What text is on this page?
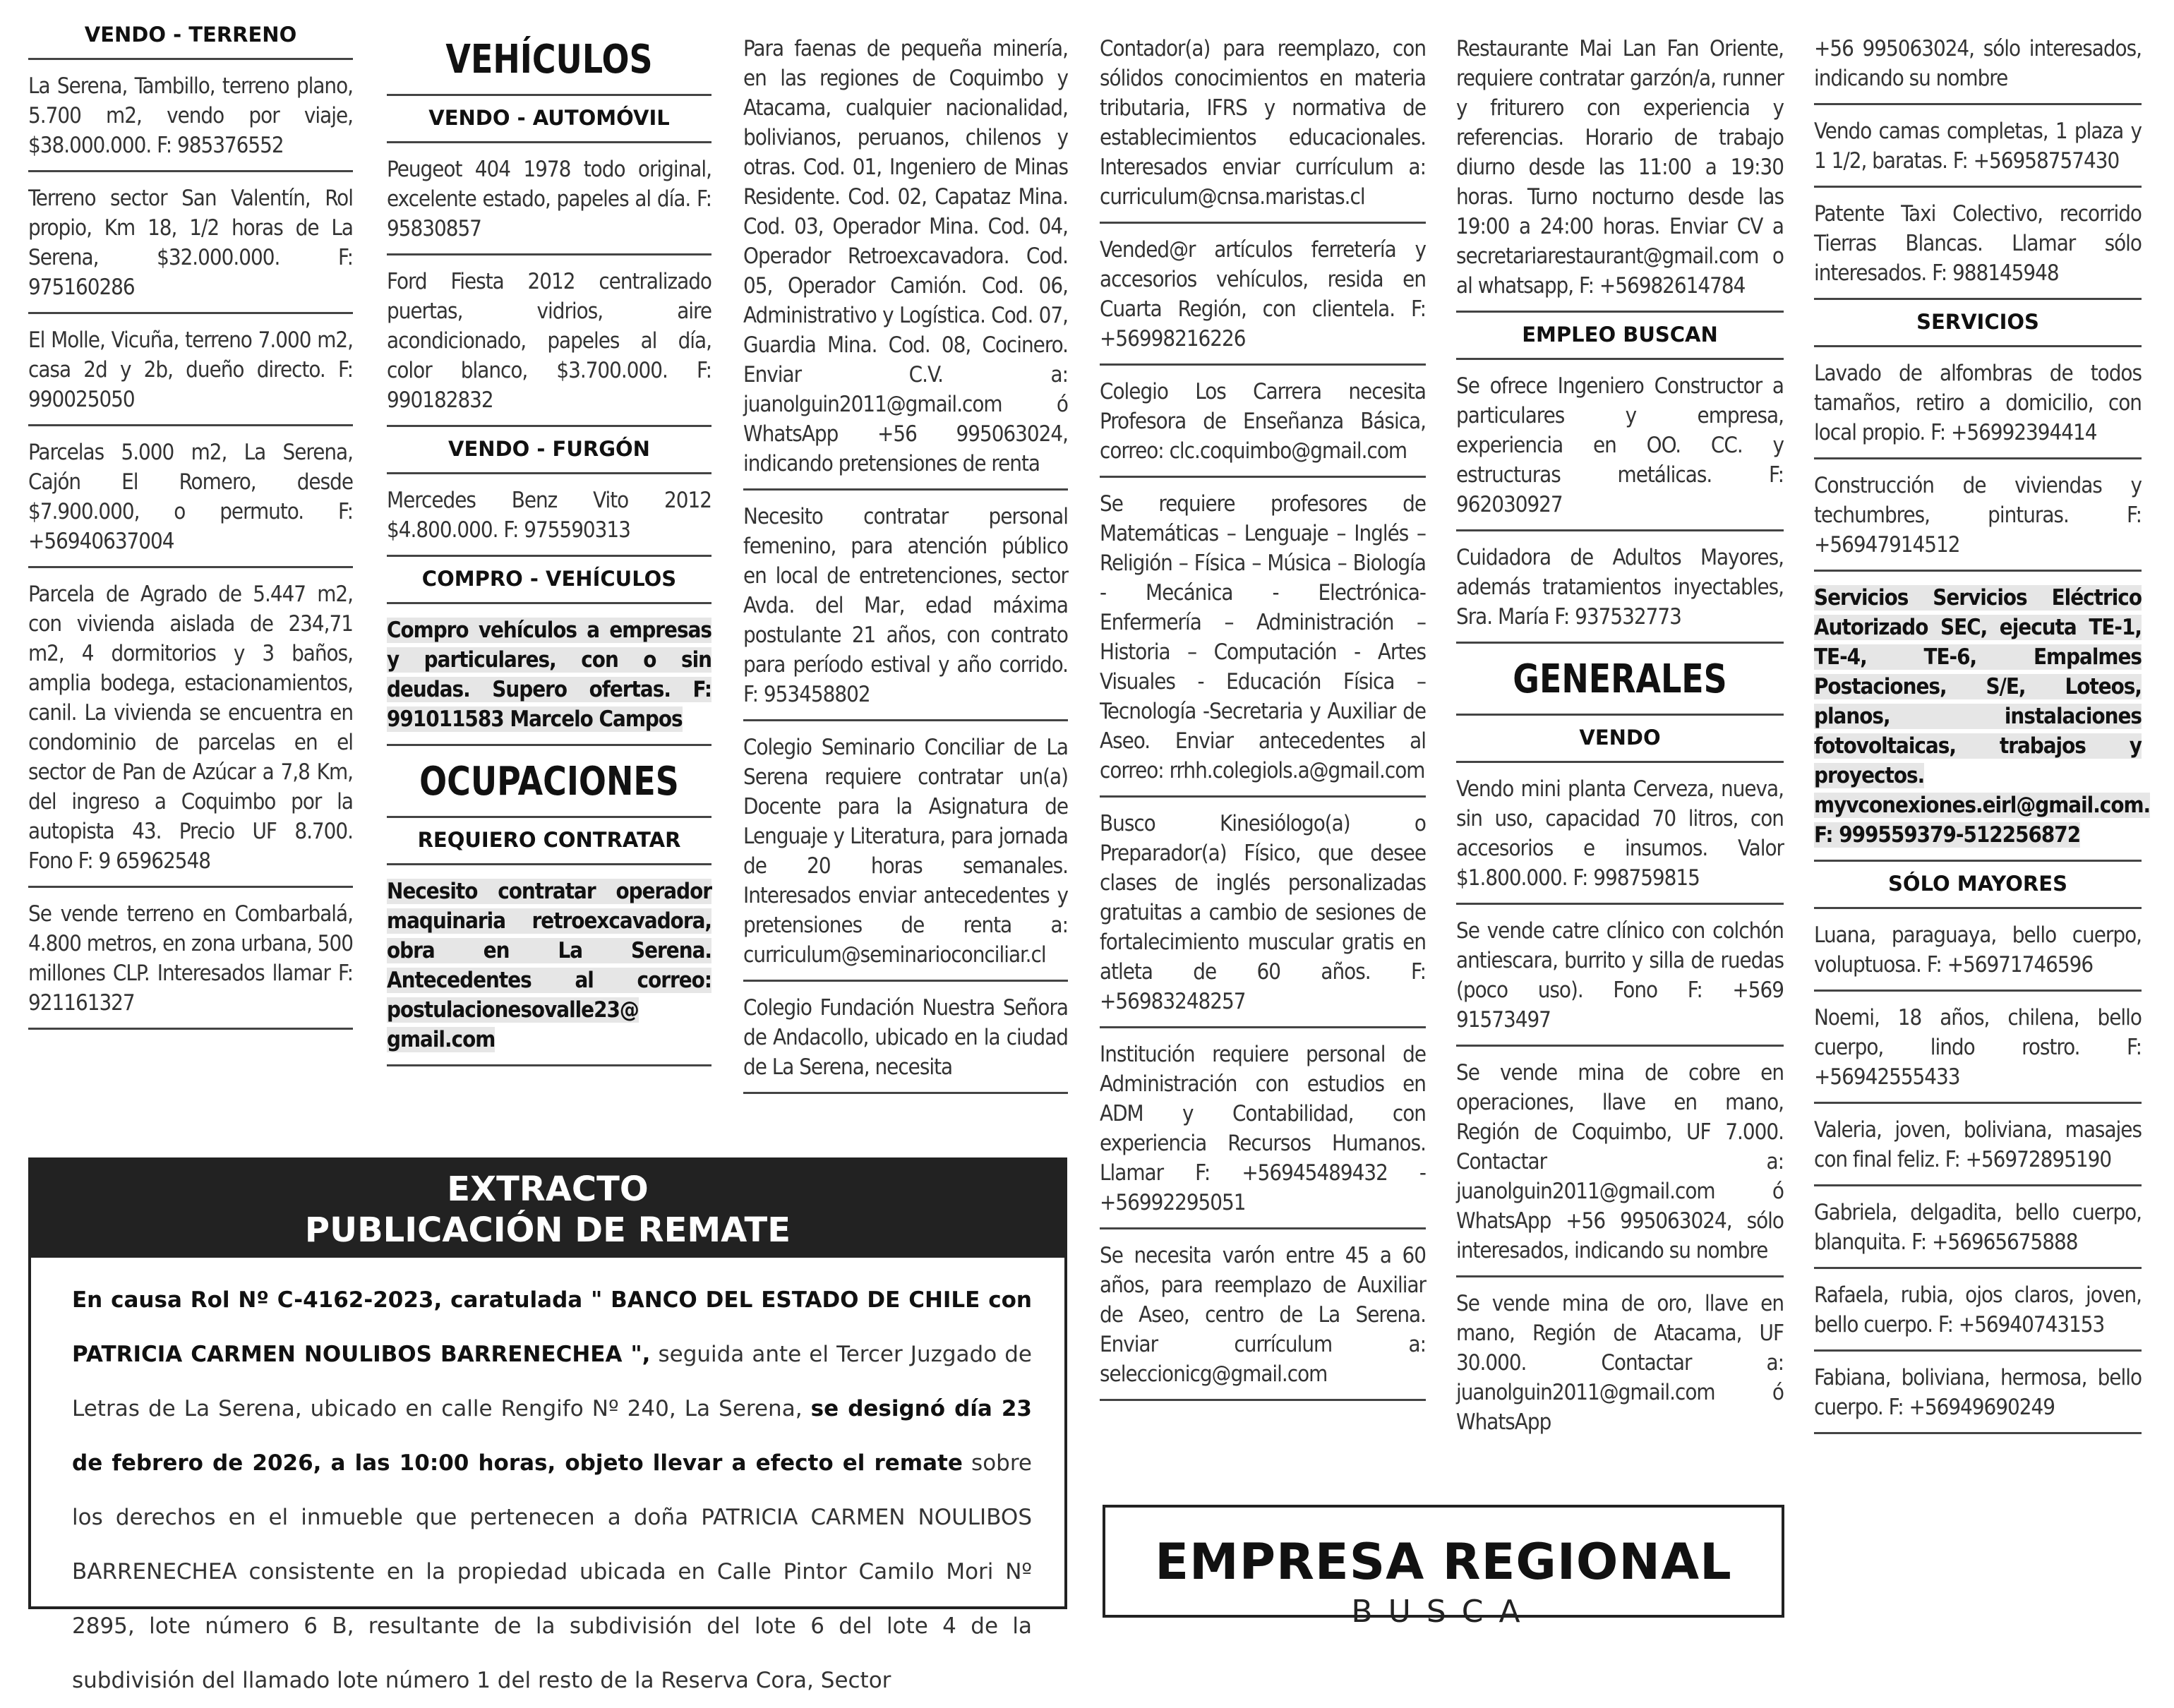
VENDO - TERRENO
La Serena, Tambillo, terreno plano, 5.700 m2, vendo por viaje, $38.000.000. F: 985376552
Terreno sector San Valentín, Rol propio, Km 18, 1/2 horas de La Serena, $32.000.000. F: 975160286
El Molle, Vicuña, terreno 7.000 m2, casa 2d y 2b, dueño directo. F: 990025050
Parcelas 5.000 m2, La Serena, Cajón El Romero, desde $7.900.000, o permuto. F: +56940637004
Parcela de Agrado de 5.447 m2, con vivienda aislada de 234,71 m2, 4 dormitorios y 3 baños, amplia bodega, estacionamientos, canil. La vivienda se encuentra en condominio de parcelas en el sector de Pan de Azúcar a 7,8 Km, del ingreso a Coquimbo por la autopista 43. Precio UF 8.700. Fono F: 9 65962548
Se vende terreno en Combarbalá, 4.800 metros, en zona urbana, 500 millones CLP. Interesados llamar F: 921161327
VEHÍCULOS
VENDO - AUTOMÓVIL
Peugeot 404 1978 todo original, excelente estado, papeles al día. F: 95830857
Ford Fiesta 2012 centralizado puertas, vidrios, aire acondicionado, papeles al día, color blanco, $3.700.000. F: 990182832
VENDO - FURGÓN
Mercedes Benz Vito 2012 $4.800.000. F: 975590313
COMPRO - VEHÍCULOS
Compro vehículos a empresas y particulares, con o sin deudas. Supero ofertas. F: 991011583 Marcelo Campos
OCUPACIONES
REQUIERO CONTRATAR
Necesito contratar operador maquinaria retroexcavadora, obra en La Serena. Antecedentes al correo: postulacionesovalle23@ gmail.com
Para faenas de pequeña minería, en las regiones de Coquimbo y Atacama, cualquier nacionalidad, bolivianos, peruanos, chilenos y otras. Cod. 01, Ingeniero de Minas Residente. Cod. 02, Capataz Mina. Cod. 03, Operador Mina. Cod. 04, Operador Retroexcavadora. Cod. 05, Operador Camión. Cod. 06, Administrativo y Logística. Cod. 07, Guardia Mina. Cod. 08, Cocinero. Enviar C.V. a: juanolguin2011@gmail.com ó WhatsApp +56 995063024, indicando pretensiones de renta
Necesito contratar personal femenino, para atención público en local de entretenciones, sector Avda. del Mar, edad máxima postulante 21 años, con contrato para período estival y año corrido. F: 953458802
Colegio Seminario Conciliar de La Serena requiere contratar un(a) Docente para la Asignatura de Lenguaje y Literatura, para jornada de 20 horas semanales. Interesados enviar antecedentes y pretensiones de renta a: curriculum@seminarioconciliar.cl
Colegio Fundación Nuestra Señora de Andacollo, ubicado en la ciudad de La Serena, necesita
Contador(a) para reemplazo, con sólidos conocimientos en materia tributaria, IFRS y normativa de establecimientos educacionales. Interesados enviar currículum a: curriculum@cnsa.maristas.cl
Vended@r artículos ferretería y accesorios vehículos, resida en Cuarta Región, con clientela. F: +56998216226
Colegio Los Carrera necesita Profesora de Enseñanza Básica, correo: clc.coquimbo@gmail.com
Se requiere profesores de Matemáticas – Lenguaje – Inglés – Religión – Física – Música – Biología - Mecánica - Electrónica- Enfermería – Administración – Historia – Computación - Artes Visuales - Educación Física – Tecnología -Secretaria y Auxiliar de Aseo. Enviar antecedentes al correo: rrhh.colegiols.a@gmail.com
Busco Kinesiólogo(a) o Preparador(a) Físico, que desee clases de inglés personalizadas gratuitas a cambio de sesiones de fortalecimiento muscular gratis en atleta de 60 años. F: +56983248257
Institución requiere personal de Administración con estudios en ADM y Contabilidad, con experiencia Recursos Humanos. Llamar F: +56945489432 - +56992295051
Se necesita varón entre 45 a 60 años, para reemplazo de Auxiliar de Aseo, centro de La Serena. Enviar currículum a: seleccionicg@gmail.com
Restaurante Mai Lan Fan Oriente, requiere contratar garzón/a, runner y friturero con experiencia y referencias. Horario de trabajo diurno desde las 11:00 a 19:30 horas. Turno nocturno desde las 19:00 a 24:00 horas. Enviar CV a secretariarestaurant@gmail.com o al whatsapp, F: +56982614784
EMPLEO BUSCAN
Se ofrece Ingeniero Constructor a particulares y empresa, experiencia en OO. CC. y estructuras metálicas. F: 962030927
Cuidadora de Adultos Mayores, además tratamientos inyectables, Sra. María F: 937532773
GENERALES
VENDO
Vendo mini planta Cerveza, nueva, sin uso, capacidad 70 litros, con accesorios e insumos. Valor $1.800.000. F: 998759815
Se vende catre clínico con colchón antiescara, burrito y silla de ruedas (poco uso). Fono F: +569 91573497
Se vende mina de cobre en operaciones, llave en mano, Región de Coquimbo, UF 7.000. Contactar a: juanolguin2011@gmail.com ó WhatsApp +56 995063024, sólo interesados, indicando su nombre
Se vende mina de oro, llave en mano, Región de Atacama, UF 30.000. Contactar a: juanolguin2011@gmail.com ó WhatsApp
+56 995063024, sólo interesados, indicando su nombre
Vendo camas completas, 1 plaza y 1 1/2, baratas. F: +56958757430
Patente Taxi Colectivo, recorrido Tierras Blancas. Llamar sólo interesados. F: 988145948
SERVICIOS
Lavado de alfombras de todos tamaños, retiro a domicilio, con local propio. F: +56992394414
Construcción de viviendas y techumbres, pinturas. F: +56947914512
Servicios Servicios Eléctrico Autorizado SEC, ejecuta TE-1, TE-4, TE-6, Empalmes Postaciones, S/E, Loteos, planos, instalaciones fotovoltaicas, trabajos y proyectos. myvconexiones.eirl@gmail.com. F: 999559379-512256872
SÓLO MAYORES
Luana, paraguaya, bello cuerpo, voluptuosa. F: +56971746596
Noemi, 18 años, chilena, bello cuerpo, lindo rostro. F: +56942555433
Valeria, joven, boliviana, masajes con final feliz. F: +56972895190
Gabriela, delgadita, bello cuerpo, blanquita. F: +56965675888
Rafaela, rubia, ojos claros, joven, bello cuerpo. F: +56940743153
Fabiana, boliviana, hermosa, bello cuerpo. F: +56949690249
EXTRACTO
PUBLICACIÓN DE REMATE
En causa Rol Nº C-4162-2023, caratulada " BANCO DEL ESTADO DE CHILE con PATRICIA CARMEN NOULIBOS BARRENECHEA ", seguida ante el Tercer Juzgado de Letras de La Serena, ubicado en calle Rengifo Nº 240, La Serena, se designó día 23 de febrero de 2026, a las 10:00 horas, objeto llevar a efecto el remate sobre los derechos en el inmueble que pertenecen a doña PATRICIA CARMEN NOULIBOS BARRENECHEA consistente en la propiedad ubicada en Calle Pintor Camilo Mori Nº 2895, lote número 6 B, resultante de la subdivisión del lote 6 del lote 4 de la subdivisión del llamado lote número 1 del resto de la Reserva Cora, Sector
EMPRESA REGIONAL
BUSCA
